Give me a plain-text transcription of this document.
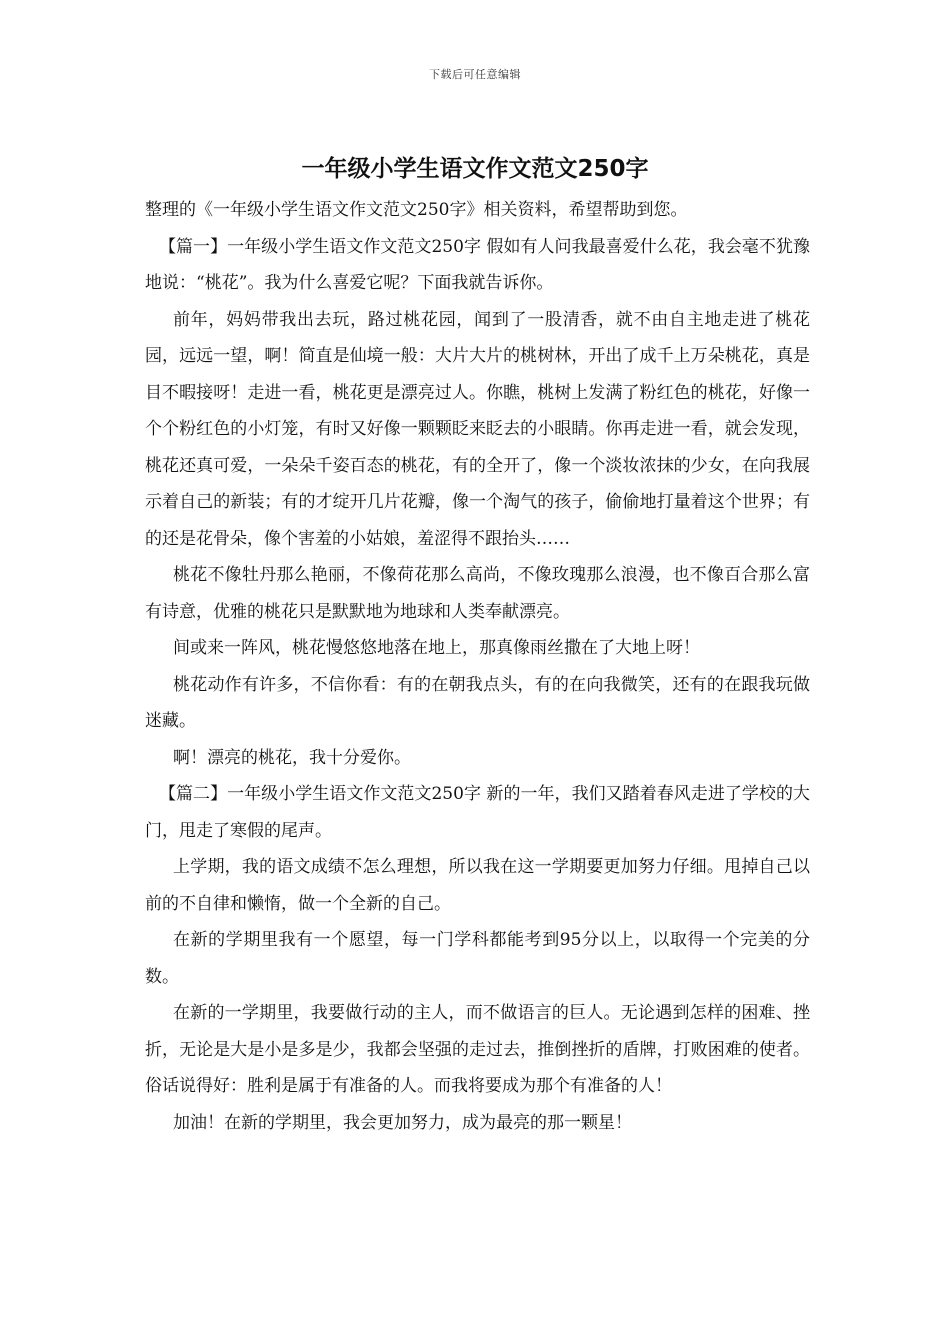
下载后可任意编辑
一年级小学生语文作文范文250字

整理的《一年级小学生语文作文范文250字》相关资料，希望帮助到您。

【篇一】一年级小学生语文作文范文250字 假如有人问我最喜爱什么花，我会毫不犹豫地说：“桃花”。我为什么喜爱它呢？下面我就告诉你。

前年，妈妈带我出去玩，路过桃花园，闻到了一股清香，就不由自主地走进了桃花园，远远一望，啊！简直是仙境一般：大片大片的桃树林，开出了成千上万朵桃花，真是目不暇接呀！走进一看，桃花更是漂亮过人。你瞧，桃树上发满了粉红色的桃花，好像一个个粉红色的小灯笼，有时又好像一颗颗眨来眨去的小眼睛。你再走进一看，就会发现，桃花还真可爱，一朵朵千姿百态的桃花，有的全开了，像一个淡妆浓抹的少女，在向我展示着自己的新装；有的才绽开几片花瓣，像一个淘气的孩子，偷偷地打量着这个世界；有的还是花骨朵，像个害羞的小姑娘，羞涩得不跟抬头……

桃花不像牡丹那么艳丽，不像荷花那么高尚，不像玫瑰那么浪漫，也不像百合那么富有诗意，优雅的桃花只是默默地为地球和人类奉献漂亮。

间或来一阵风，桃花慢悠悠地落在地上，那真像雨丝撒在了大地上呀！

桃花动作有许多，不信你看：有的在朝我点头，有的在向我微笑，还有的在跟我玩做迷藏。

啊！漂亮的桃花，我十分爱你。

【篇二】一年级小学生语文作文范文250字 新的一年，我们又踏着春风走进了学校的大门，甩走了寒假的尾声。

上学期，我的语文成绩不怎么理想，所以我在这一学期要更加努力仔细。甩掉自己以前的不自律和懒惰，做一个全新的自己。

在新的学期里我有一个愿望，每一门学科都能考到95分以上，以取得一个完美的分数。

在新的一学期里，我要做行动的主人，而不做语言的巨人。无论遇到怎样的困难、挫折，无论是大是小是多是少，我都会坚强的走过去，推倒挫折的盾牌，打败困难的使者。俗话说得好：胜利是属于有准备的人。而我将要成为那个有准备的人！

加油！在新的学期里，我会更加努力，成为最亮的那一颗星！
